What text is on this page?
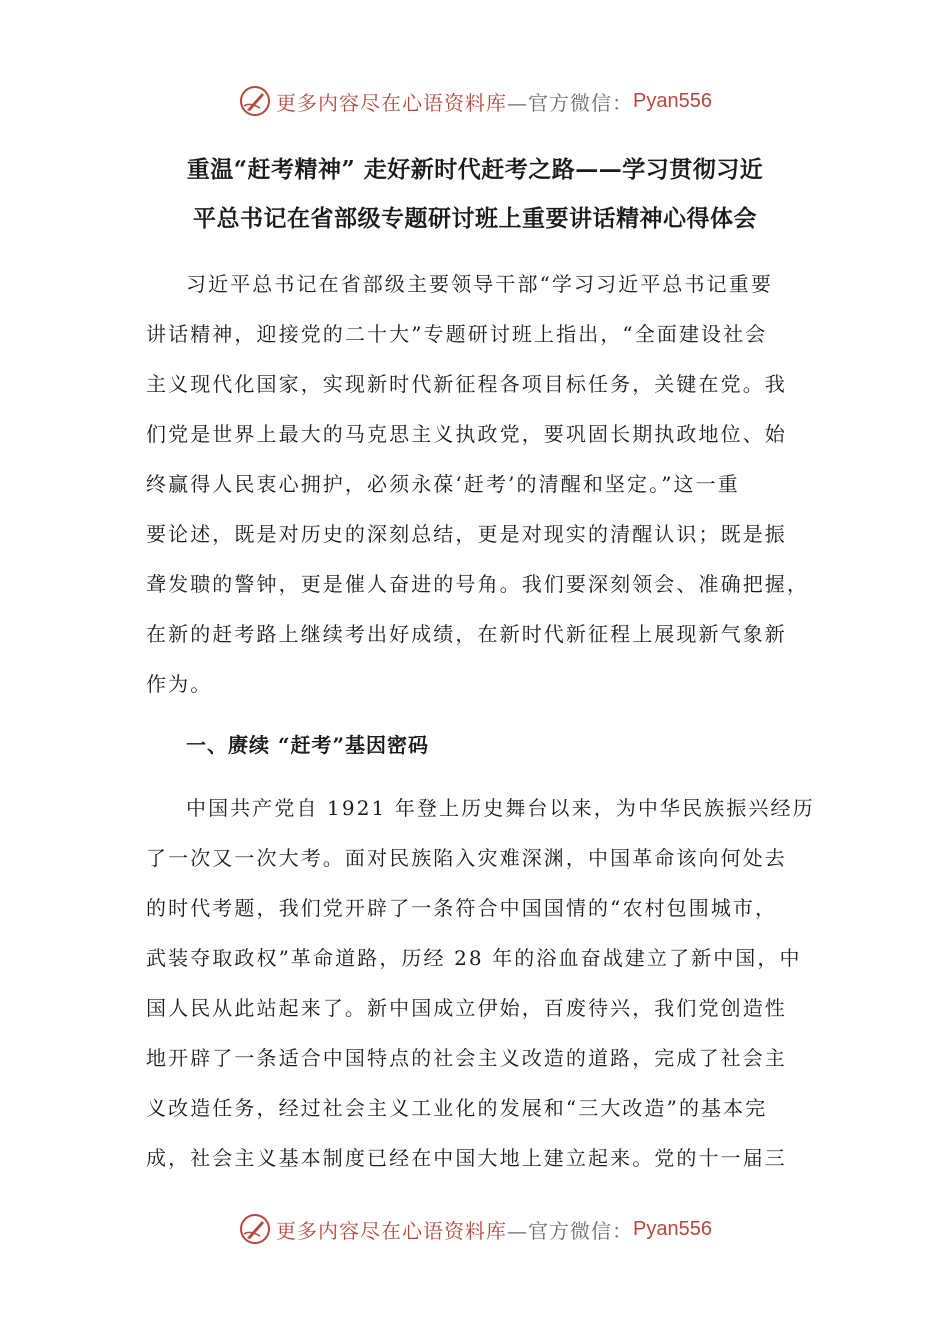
更多内容尽在心语资料库 —官方微信： Pyan556
重温“赶考精神” 走好新时代赶考之路——学习贯彻习近
平总书记在省部级专题研讨班上重要讲话精神心得体会
习近平总书记在省部级主要领导干部“学习习近平总书记重要
讲话精神，迎接党的二十大”专题研讨班上指出，“全面建设社会
主义现代化国家，实现新时代新征程各项目标任务，关键在党。我
们党是世界上最大的马克思主义执政党，要巩固长期执政地位、始
终赢得人民衷心拥护，必须永葆‘赶考’的清醒和坚定。”这一重
要论述，既是对历史的深刻总结，更是对现实的清醒认识；既是振
聋发聩的警钟，更是催人奋进的号角。我们要深刻领会、准确把握，
在新的赶考路上继续考出好成绩，在新时代新征程上展现新气象新
作为。
一、赓续 “赶考”基因密码
中国共产党自 1921 年登上历史舞台以来，为中华民族振兴经历
了一次又一次大考。面对民族陷入灾难深渊，中国革命该向何处去
的时代考题，我们党开辟了一条符合中国国情的“农村包围城市，
武装夺取政权”革命道路，历经 28 年的浴血奋战建立了新中国，中
国人民从此站起来了。新中国成立伊始，百废待兴，我们党创造性
地开辟了一条适合中国特点的社会主义改造的道路，完成了社会主
义改造任务，经过社会主义工业化的发展和“三大改造”的基本完
成，社会主义基本制度已经在中国大地上建立起来。党的十一届三
更多内容尽在心语资料库 —官方微信： Pyan556
